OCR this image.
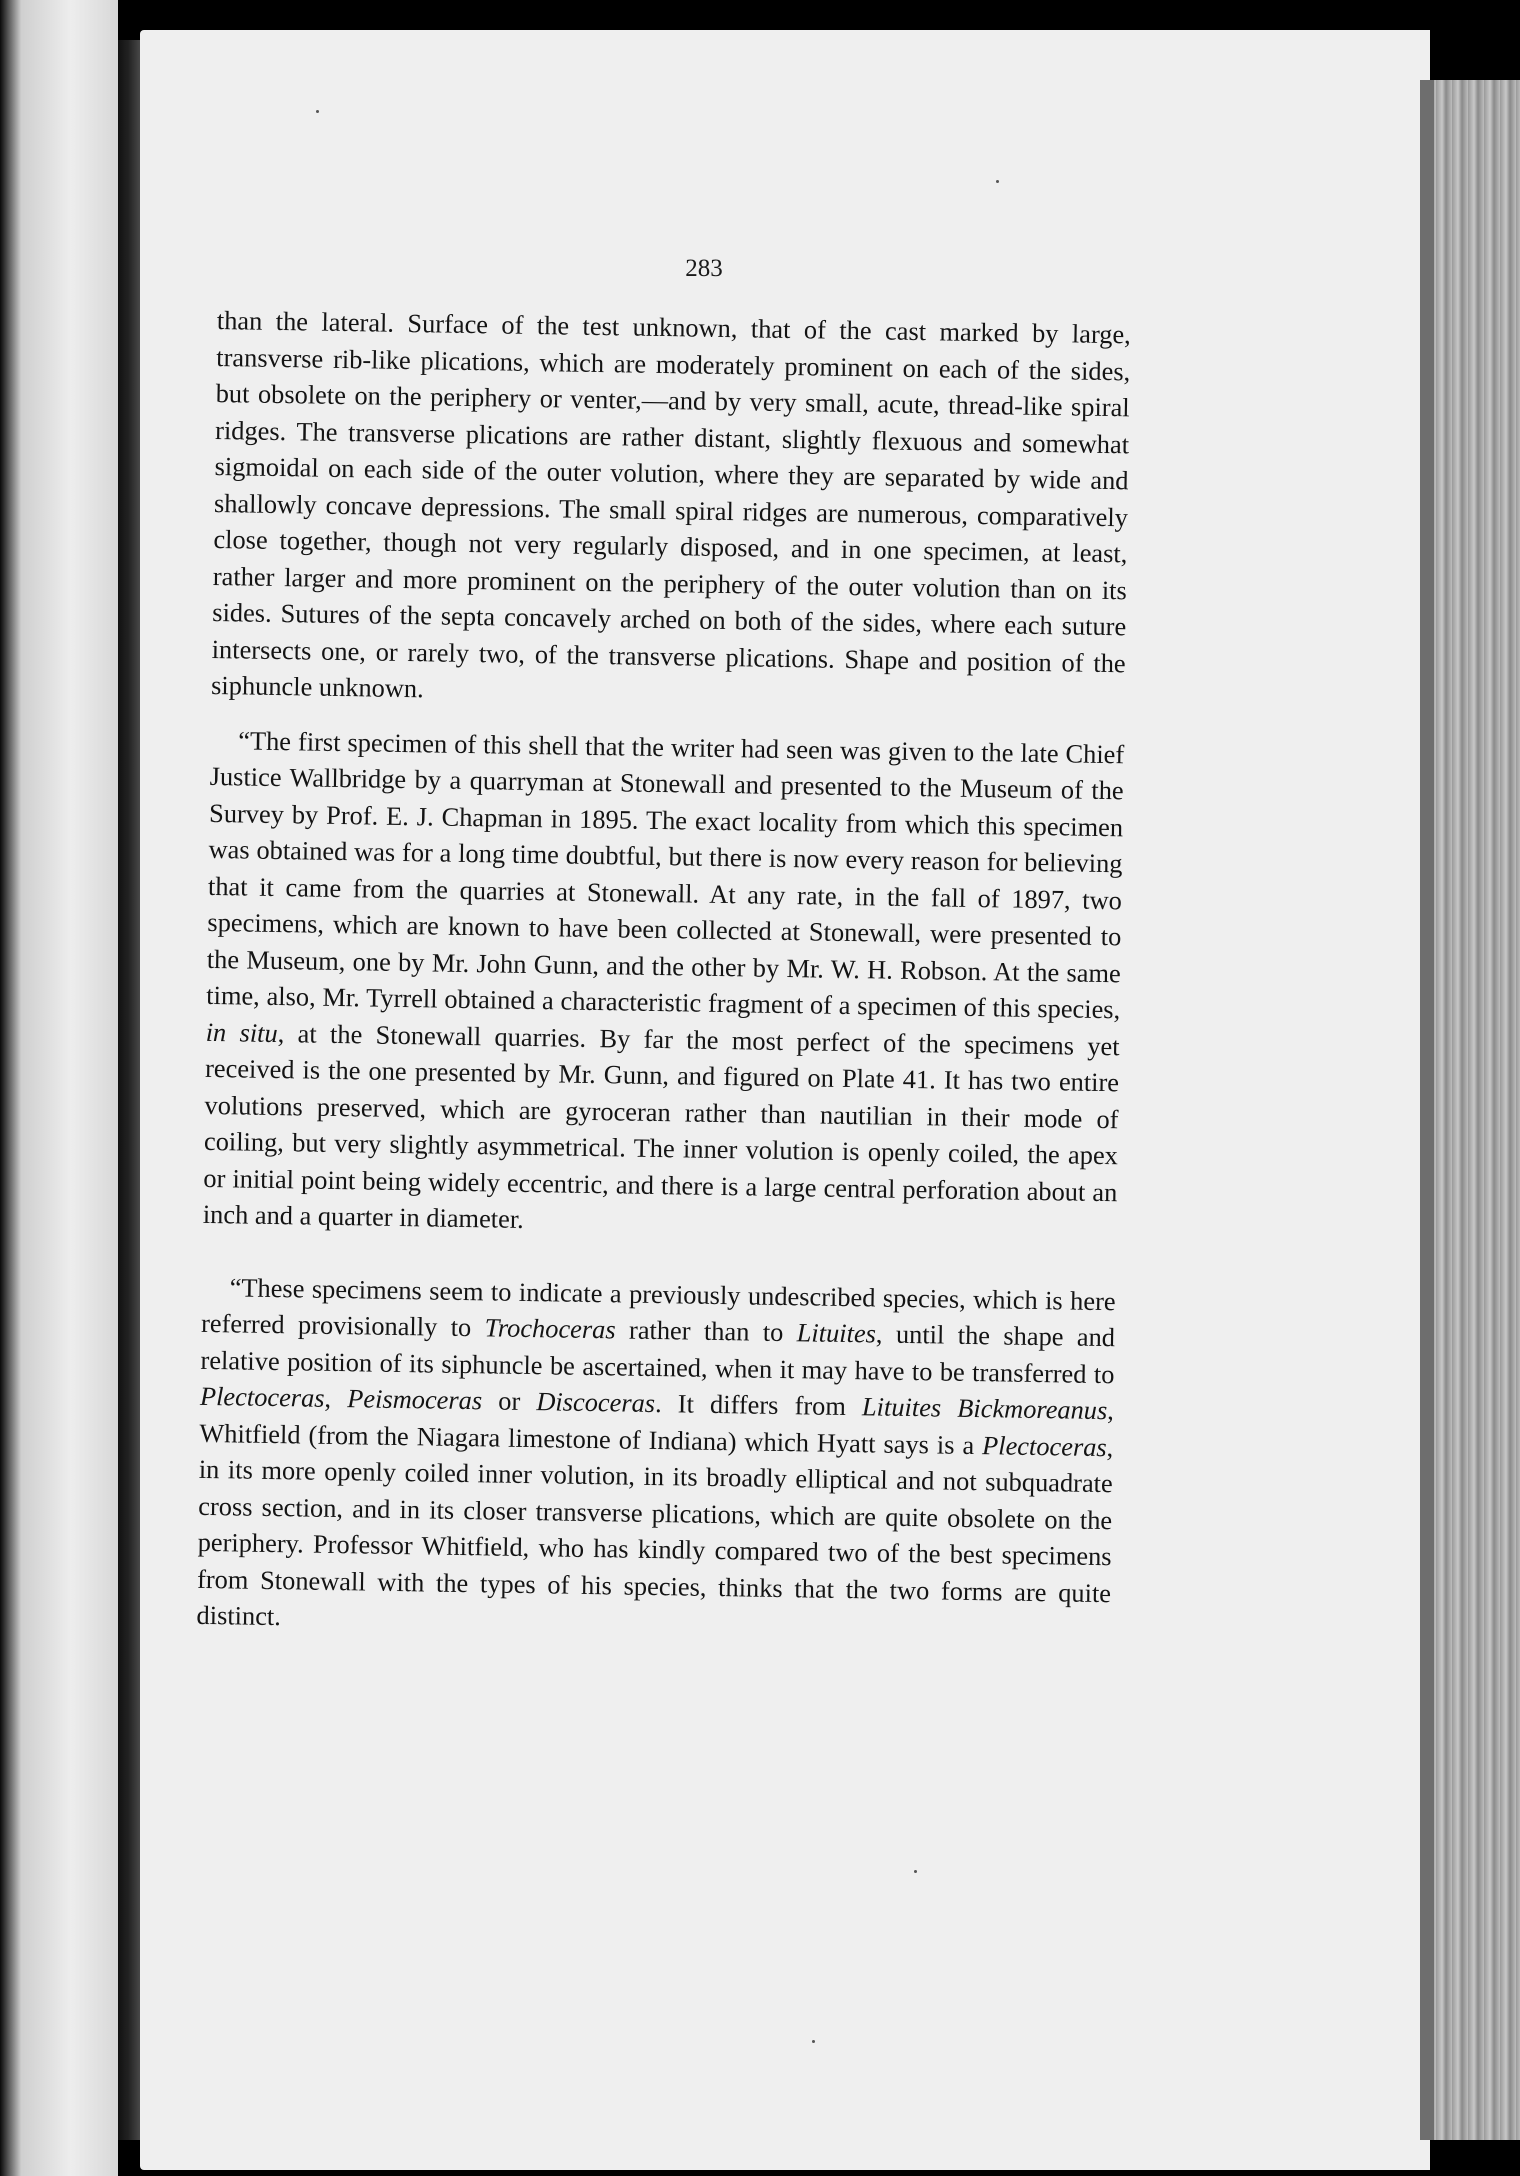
283

than the lateral. Surface of the test unknown, that of the cast marked by large, transverse rib-like plications, which are moderately prominent on each of the sides, but obsolete on the periphery or venter,—and by very small, acute, thread-like spiral ridges. The transverse plications are rather distant, slightly flexuous and somewhat sigmoidal on each side of the outer volution, where they are separated by wide and shallowly concave depressions. The small spiral ridges are numerous, comparatively close together, though not very regularly disposed, and in one specimen, at least, rather larger and more prominent on the periphery of the outer volution than on its sides. Sutures of the septa concavely arched on both of the sides, where each suture intersects one, or rarely two, of the transverse plications. Shape and position of the siphuncle unknown.

“The first specimen of this shell that the writer had seen was given to the late Chief Justice Wallbridge by a quarryman at Stonewall and presented to the Museum of the Survey by Prof. E. J. Chapman in 1895. The exact locality from which this specimen was obtained was for a long time doubtful, but there is now every reason for believing that it came from the quarries at Stonewall. At any rate, in the fall of 1897, two specimens, which are known to have been collected at Stonewall, were presented to the Museum, one by Mr. John Gunn, and the other by Mr. W. H. Robson. At the same time, also, Mr. Tyrrell obtained a characteristic fragment of a specimen of this species, in situ, at the Stonewall quarries. By far the most perfect of the specimens yet received is the one presented by Mr. Gunn, and figured on Plate 41. It has two entire volutions preserved, which are gyroceran rather than nautilian in their mode of coiling, but very slightly asymmetrical. The inner volution is openly coiled, the apex or initial point being widely eccentric, and there is a large central perforation about an inch and a quarter in diameter.

“These specimens seem to indicate a previously undescribed species, which is here referred provisionally to Trochoceras rather than to Lituites, until the shape and relative position of its siphuncle be ascertained, when it may have to be transferred to Plectoceras, Peismoceras or Discoceras. It differs from Lituites Bickmoreanus, Whitfield (from the Niagara limestone of Indiana) which Hyatt says is a Plectoceras, in its more openly coiled inner volution, in its broadly elliptical and not subquadrate cross section, and in its closer transverse plications, which are quite obsolete on the periphery. Professor Whitfield, who has kindly compared two of the best specimens from Stonewall with the types of his species, thinks that the two forms are quite distinct.
